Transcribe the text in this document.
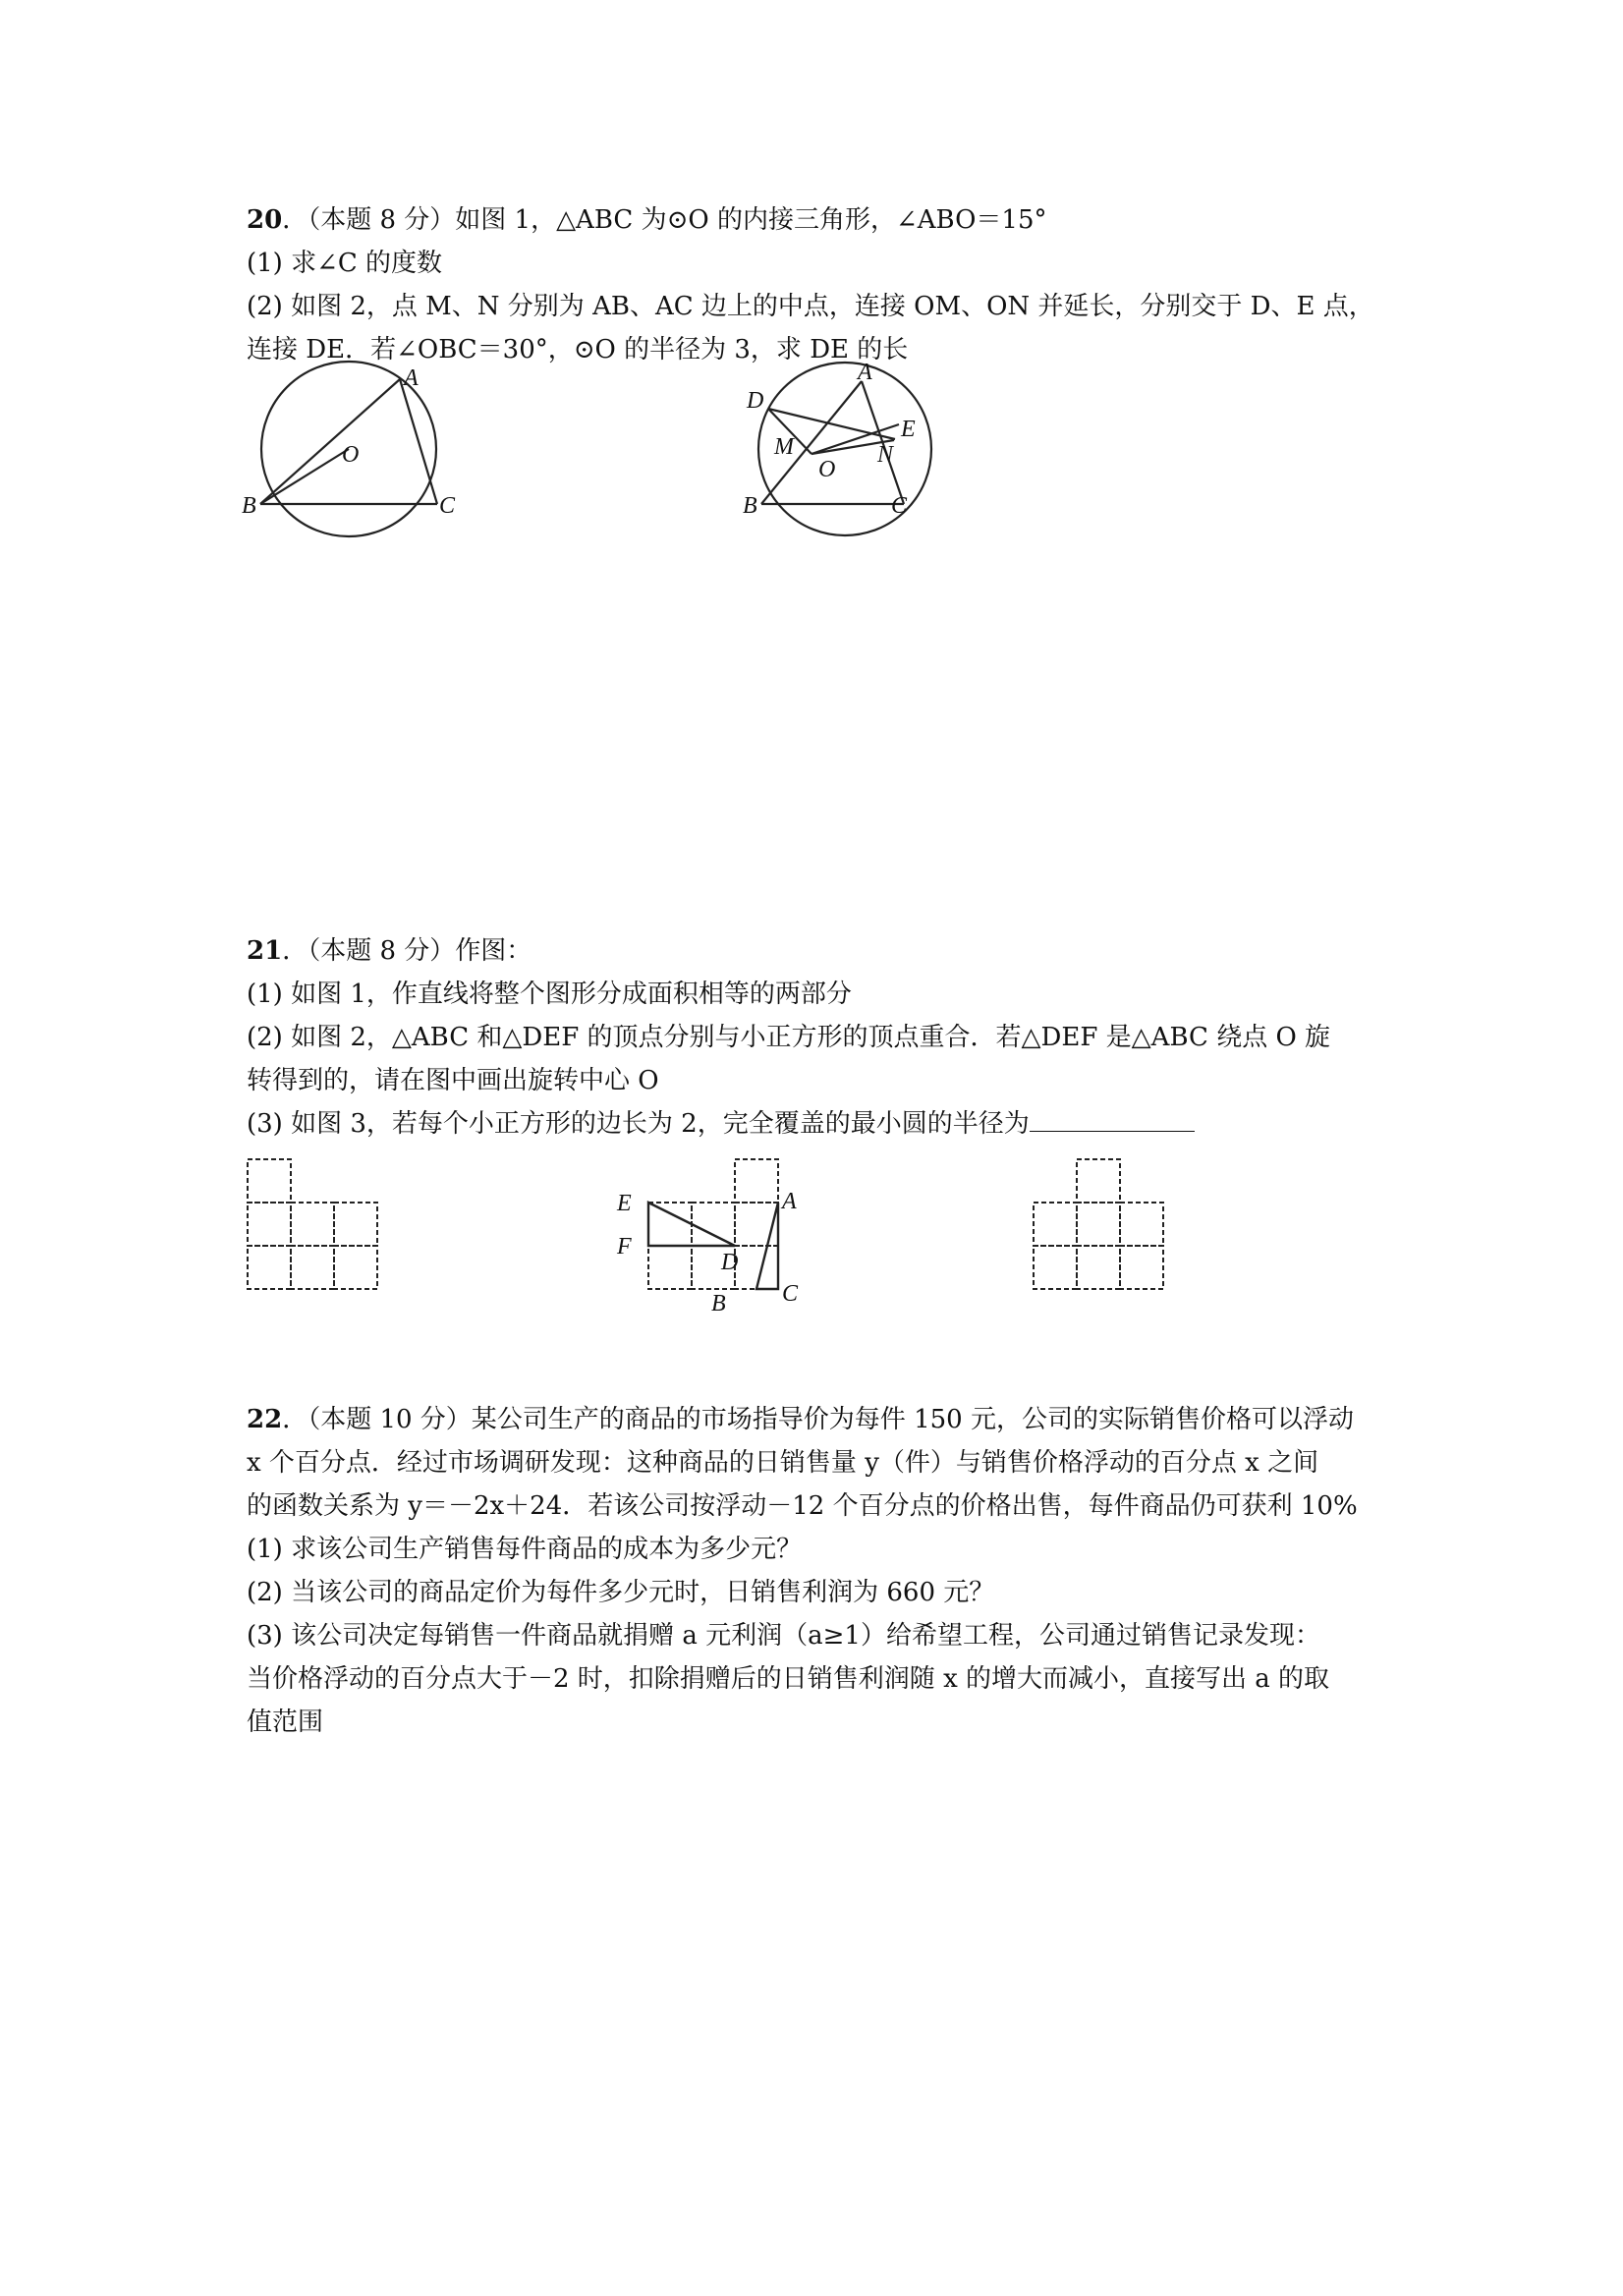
20．（本题 8 分）如图 1，△ABC 为⊙O 的内接三角形，∠ABO＝15°
(1) 求∠C 的度数
(2) 如图 2，点 M、N 分别为 AB、AC 边上的中点，连接 OM、ON 并延长，分别交于 D、E 点，
连接 DE．若∠OBC＝30°，⊙O 的半径为 3，求 DE 的长
A
B	C
O
D
A
E
M	N
O
B	C
21．（本题 8 分）作图：
(1) 如图 1，作直线将整个图形分成面积相等的两部分
(2) 如图 2，△ABC 和△DEF 的顶点分别与小正方形的顶点重合．若△DEF 是△ABC 绕点 O 旋
转得到的，请在图中画出旋转中心 O
(3) 如图 3，若每个小正方形的边长为 2，完全覆盖的最小圆的半径为
E
F
D
A
C
B
22．（本题 10 分）某公司生产的商品的市场指导价为每件 150 元，公司的实际销售价格可以浮动
x 个百分点．经过市场调研发现：这种商品的日销售量 y（件）与销售价格浮动的百分点 x 之间
的函数关系为 y＝－2x＋24．若该公司按浮动－12 个百分点的价格出售，每件商品仍可获利 10%
(1) 求该公司生产销售每件商品的成本为多少元？
(2) 当该公司的商品定价为每件多少元时，日销售利润为 660 元？
(3) 该公司决定每销售一件商品就捐赠 a 元利润（a≥1）给希望工程，公司通过销售记录发现：
当价格浮动的百分点大于－2 时，扣除捐赠后的日销售利润随 x 的增大而减小，直接写出 a 的取
值范围
